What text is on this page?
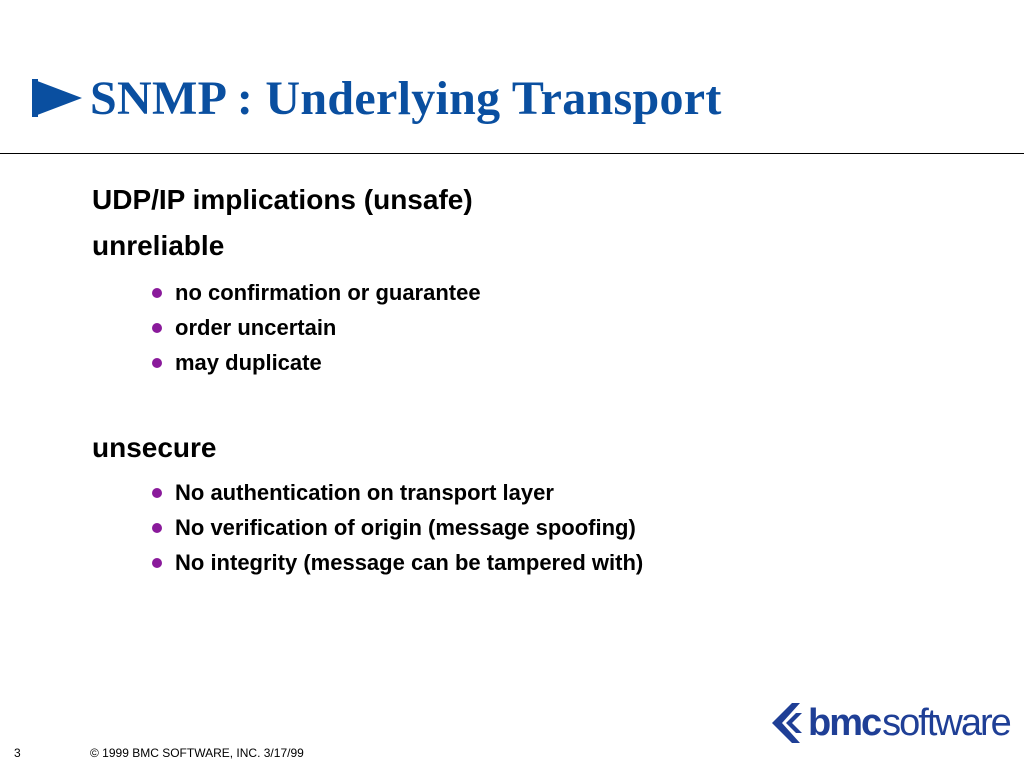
SNMP : Underlying Transport
UDP/IP implications (unsafe)
unreliable
no confirmation or guarantee
order uncertain
may duplicate
unsecure
No authentication on transport layer
No verification of origin (message spoofing)
No integrity (message can be tampered with)
bmc software
3	© 1999 BMC SOFTWARE, INC. 3/17/99
